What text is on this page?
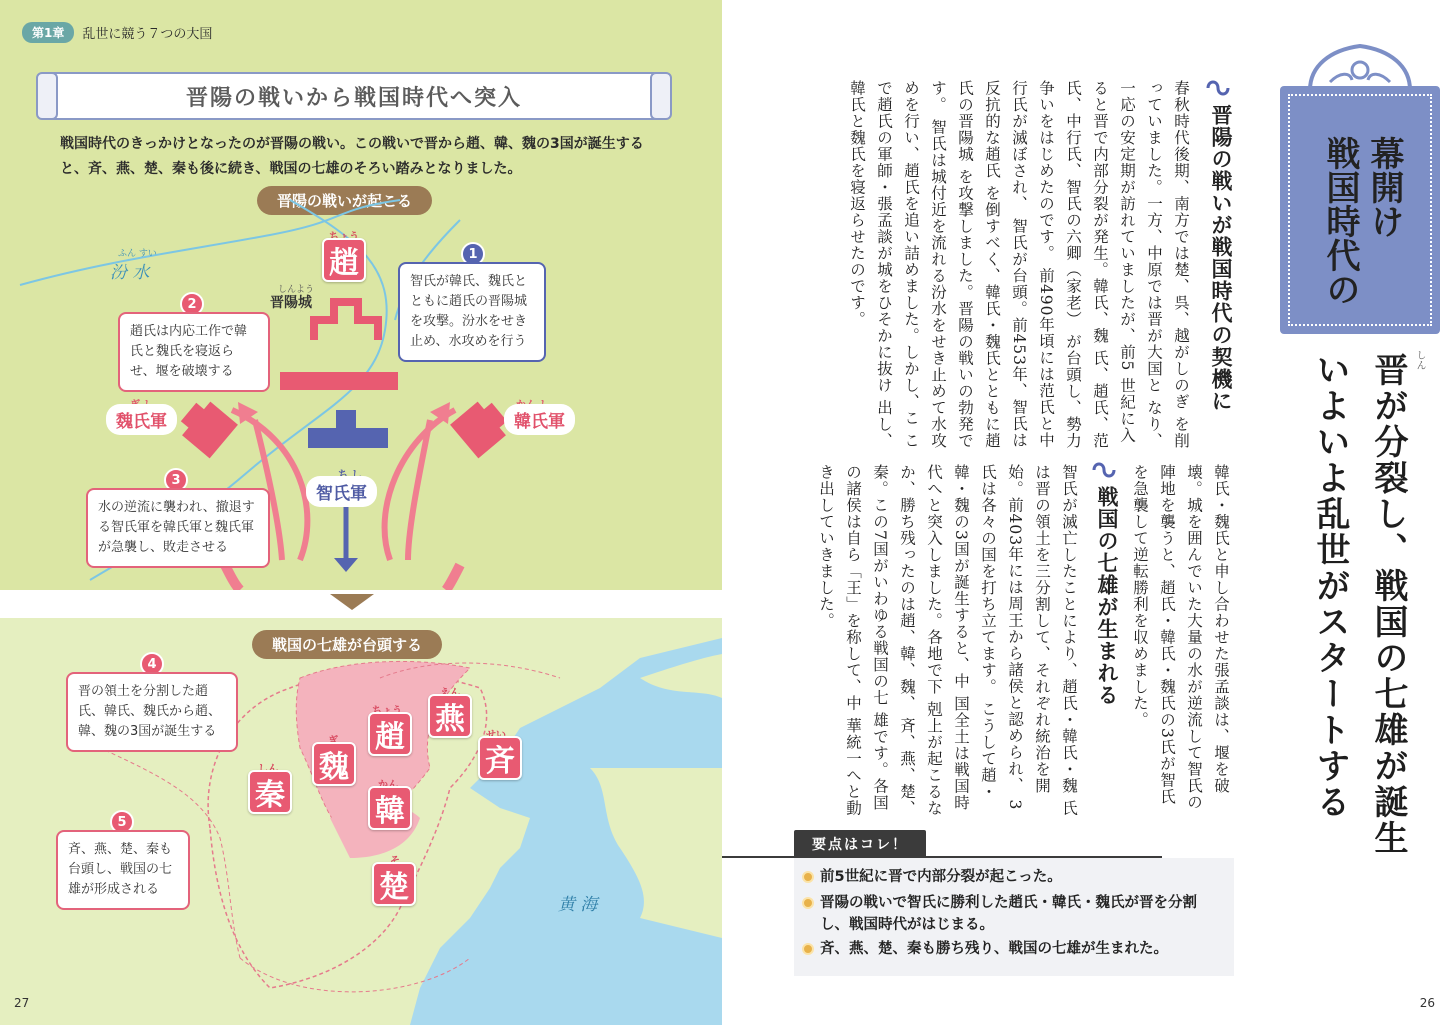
第1章	乱世に競う７つの大国
晋陽の戦いから戦国時代へ突入

戦国時代のきっかけとなったのが晋陽の戦い。この戦いで晋から趙、韓、魏の3国が誕生すると、斉、燕、楚、秦も後に続き、戦国の七雄のそろい踏みとなりました。

晋陽の戦いが起こる
ふん すい
汾 水	趙
しんよう
晋陽城
1
智氏が韓氏、魏氏とともに趙氏の晋陽城を攻撃。汾水をせき止め、水攻めを行う
2
趙氏は内応工作で韓氏と魏氏を寝返らせ、堰を破壊する
魏氏軍	韓氏軍
智氏軍
3
水の逆流に襲われ、撤退する智氏軍を韓氏軍と魏氏軍が急襲し、敗走させる
戦国の七雄が台頭する
4
晋の領土を分割した趙氏、韓氏、魏氏から趙、韓、魏の3国が誕生する
5
斉、燕、楚、秦も台頭し、戦国の七雄が形成される
燕
趙
斉
魏
韓
秦
楚	黄 海
27
戦国時代の 幕開け
しん
晋が分裂し、戦国の七雄が誕生
いよいよ乱世がスタートする
晋陽の戦いが戦国時代の契機に
春秋時代後期、南方では楚、呉、越がしのぎ を削っていました。一方、中原では晋が大国と なり、一応の安定期が訪れていましたが、前5 世紀に入ると晋で内部分裂が発生。韓氏、魏 氏、趙氏、范氏、中行氏、智氏の六卿（家老） が台頭し、勢力争いをはじめたのです。 前490年頃には范氏と中行氏が滅ぼされ、 智氏が台頭。前453年、智氏は反抗的な趙氏 を倒すべく、韓氏・魏氏とともに趙氏の晋陽城 を攻撃しました。晋陽の戦いの勃発です。 智氏は城付近を流れる汾水をせき止めて水攻 めを行い、趙氏を追い詰めました。しかし、こ こで趙氏の軍師・張孟談が城をひそかに抜け 出し、韓氏と魏氏を寝返らせたのです。
韓氏・魏氏と申し合わせた張孟談は、堰を破 壊。城を囲んでいた大量の水が逆流して智氏の 陣地を襲うと、趙氏・韓氏・魏氏の3氏が智氏 を急襲して逆転勝利を収めました。
戦国の七雄が生まれる
智氏が滅亡したことにより、趙氏・韓氏・魏 氏は晋の領土を三分割して、それぞれ統治を開 始。前403年には周王から諸侯と認められ、 3氏は各々の国を打ち立てます。 こうして趙・韓・魏の3国が誕生すると、中 国全土は戦国時代へと突入しました。各地で下 剋上が起こるなか、勝ち残ったのは趙、韓、魏、 斉、燕、楚、秦。この7国がいわゆる戦国の七 雄です。各国の諸侯は自ら「王」を称して、中 華統一へと動き出していきました。
要点はコレ！
前5世紀に晋で内部分裂が起こった。
晋陽の戦いで智氏に勝利した趙氏・韓氏・魏氏が晋を分割し、戦国時代がはじまる。
斉、燕、楚、秦も勝ち残り、戦国の七雄が生まれた。
26
